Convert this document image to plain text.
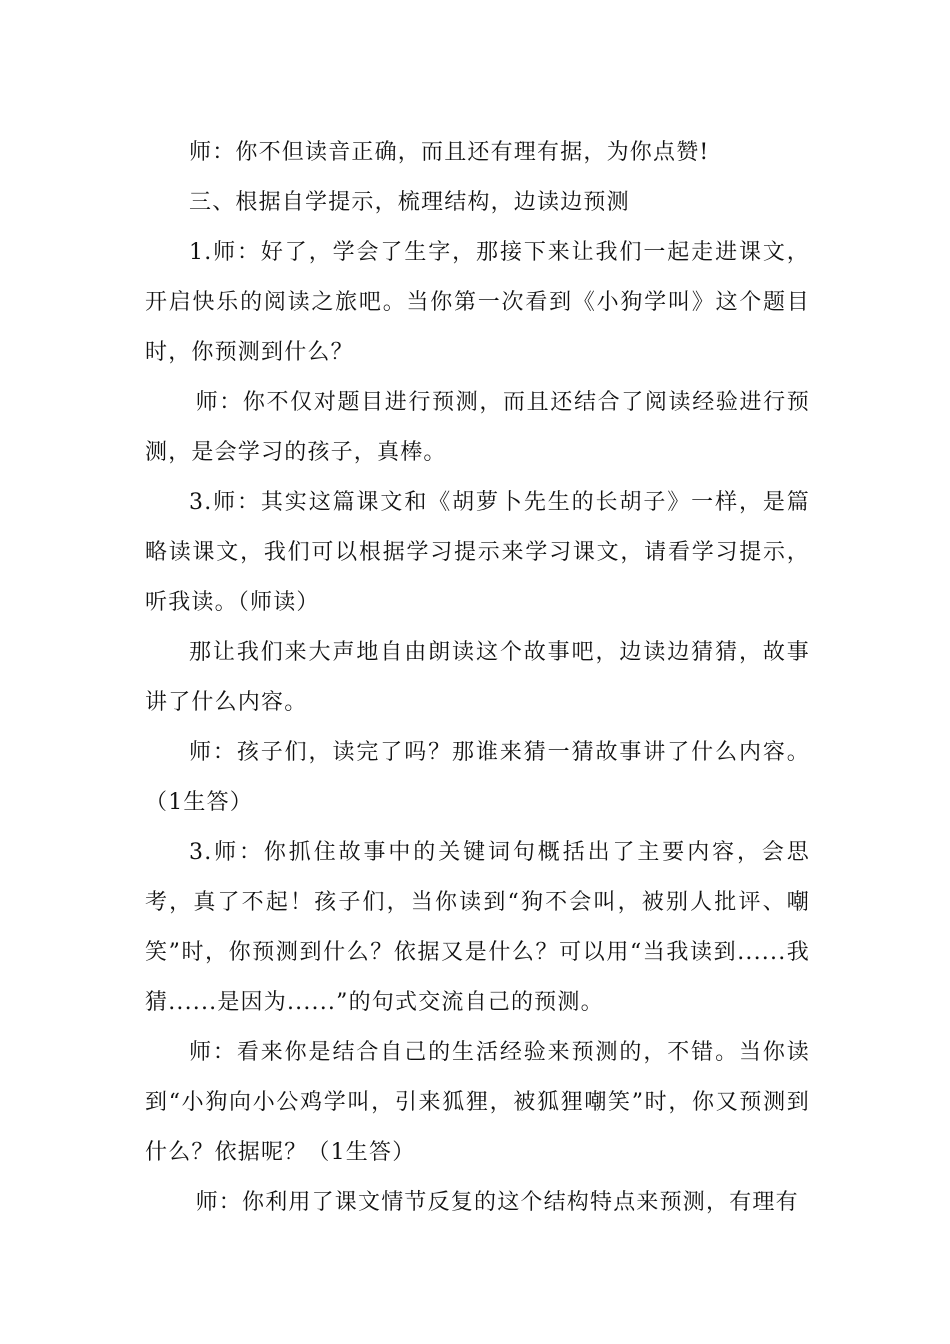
师：你不但读音正确，而且还有理有据，为你点赞!

三、根据自学提示，梳理结构，边读边预测

1.师：好了，学会了生字，那接下来让我们一起走进课文，开启快乐的阅读之旅吧。当你第一次看到《小狗学叫》这个题目时，你预测到什么？

师：你不仅对题目进行预测，而且还结合了阅读经验进行预测，是会学习的孩子，真棒。

3.师：其实这篇课文和《胡萝卜先生的长胡子》一样，是篇略读课文，我们可以根据学习提示来学习课文，请看学习提示，听我读。（师读）

那让我们来大声地自由朗读这个故事吧，边读边猜猜，故事讲了什么内容。

师：孩子们，读完了吗？那谁来猜一猜故事讲了什么内容。（1生答）

3.师：你抓住故事中的关键词句概括出了主要内容，会思考，真了不起！孩子们，当你读到“狗不会叫，被别人批评、嘲笑”时，你预测到什么？依据又是什么？可以用“当我读到......我猜......是因为......”的句式交流自己的预测。

师：看来你是结合自己的生活经验来预测的，不错。当你读到“小狗向小公鸡学叫，引来狐狸，被狐狸嘲笑”时，你又预测到什么？依据呢？（1生答）

师：你利用了课文情节反复的这个结构特点来预测，有理有
